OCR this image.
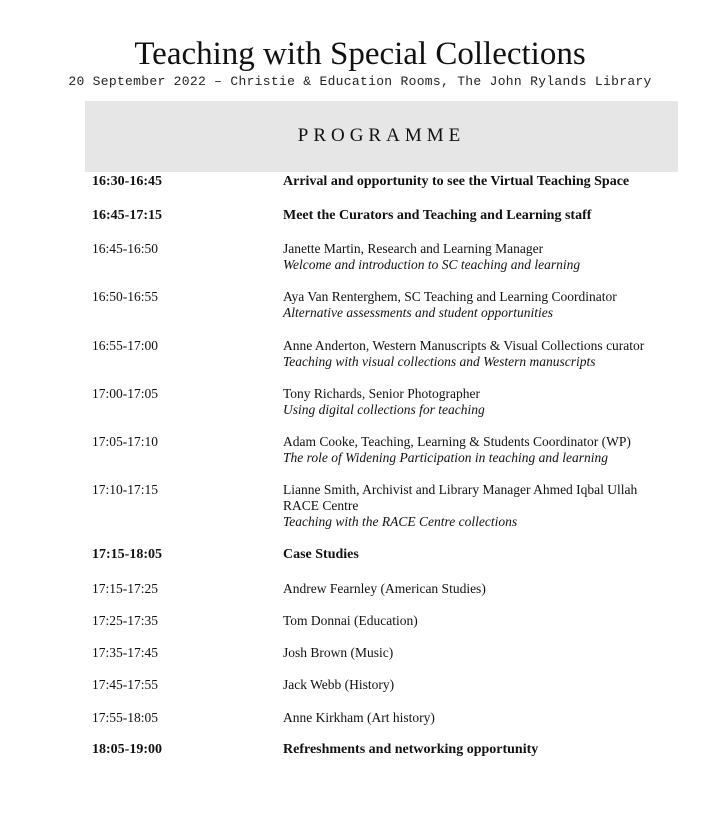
Teaching with Special Collections
20 September 2022 – Christie & Education Rooms, The John Rylands Library
PROGRAMME
16:30-16:45	Arrival and opportunity to see the Virtual Teaching Space
16:45-17:15	Meet the Curators and Teaching and Learning staff
16:45-16:50	Janette Martin, Research and Learning Manager
Welcome and introduction to SC teaching and learning
16:50-16:55	Aya Van Renterghem, SC Teaching and Learning Coordinator
Alternative assessments and student opportunities
16:55-17:00	Anne Anderton, Western Manuscripts & Visual Collections curator
Teaching with visual collections and Western manuscripts
17:00-17:05	Tony Richards, Senior Photographer
Using digital collections for teaching
17:05-17:10	Adam Cooke, Teaching, Learning & Students Coordinator (WP)
The role of Widening Participation in teaching and learning
17:10-17:15	Lianne Smith, Archivist and Library Manager Ahmed Iqbal Ullah
RACE Centre
Teaching with the RACE Centre collections
17:15-18:05	Case Studies
17:15-17:25	Andrew Fearnley (American Studies)
17:25-17:35	Tom Donnai (Education)
17:35-17:45	Josh Brown (Music)
17:45-17:55	Jack Webb (History)
17:55-18:05	Anne Kirkham (Art history)
18:05-19:00	Refreshments and networking opportunity
